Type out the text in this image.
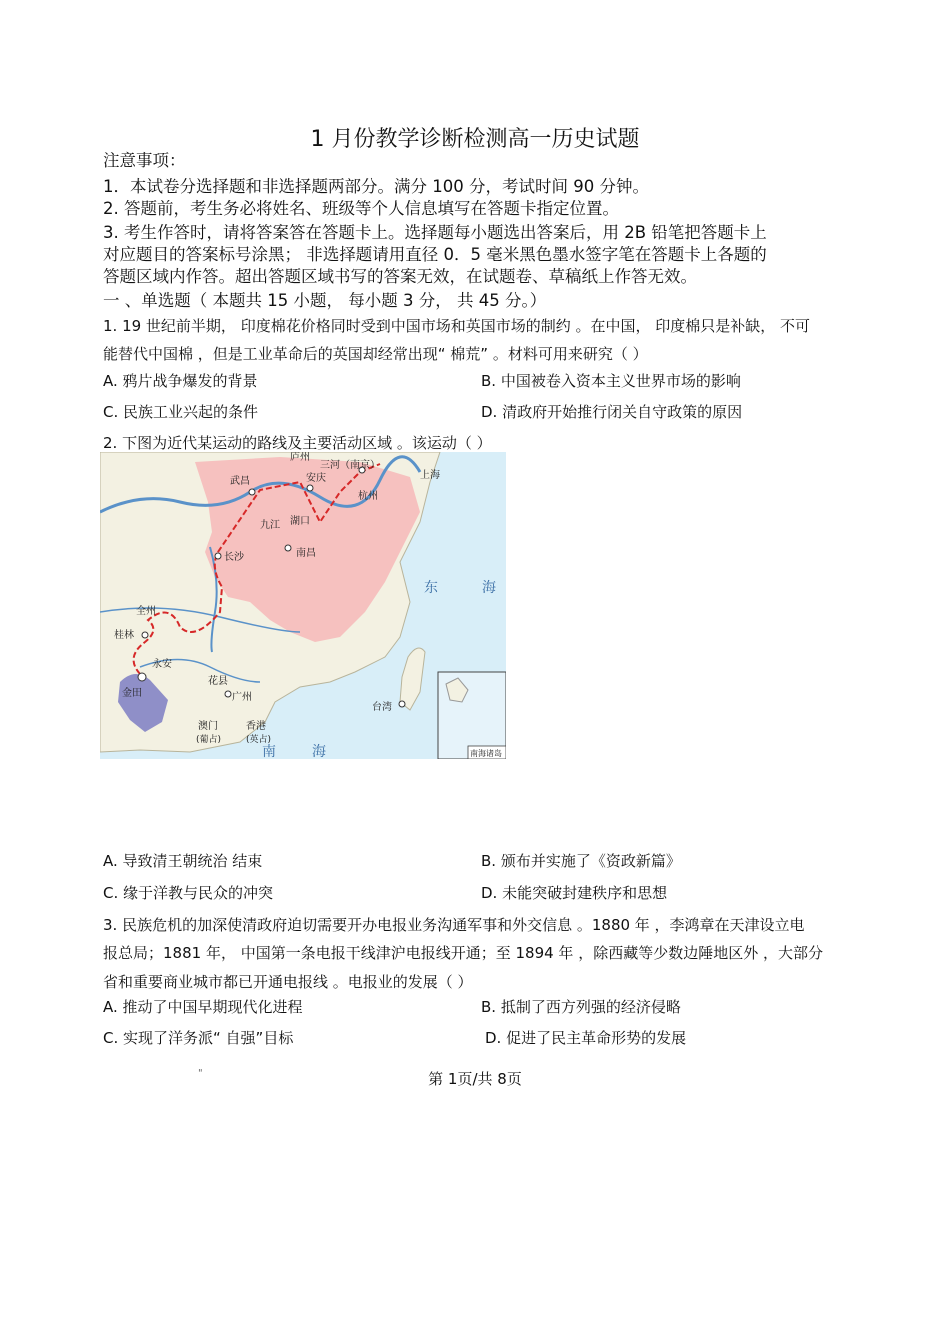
1 月份教学诊断检测高一历史试题
注意事项：
1．本试卷分选择题和非选择题两部分。满分 100 分，考试时间 90 分钟。
2. 答题前，考生务必将姓名、班级等个人信息填写在答题卡指定位置。
3. 考生作答时，请将答案答在答题卡上。选择题每小题选出答案后，用 2B 铅笔把答题卡上
对应题目的答案标号涂黑； 非选择题请用直径 0．5 毫米黑色墨水签字笔在答题卡上各题的
答题区域内作答。超出答题区域书写的答案无效，在试题卷、草稿纸上作答无效。
一 、单选题（ 本题共 15 小题， 每小题 3 分， 共 45 分。）
1. 19 世纪前半期， 印度棉花价格同时受到中国市场和英国市场的制约 。在中国， 印度棉只是补缺， 不可
能替代中国棉 ，但是工业革命后的英国却经常出现“ 棉荒” 。材料可用来研究（ ）
A. 鸦片战争爆发的背景	B. 中国被卷入资本主义世界市场的影响
C. 民族工业兴起的条件	D. 清政府开始推行闭关自守政策的原因
2. 下图为近代某运动的路线及主要活动区域 。该运动（ ）
三河（南京）
庐州
上海
武昌	安庆
杭州
九江 湖口
南昌
长沙
全州
桂林
永安
金田
花县
广州
澳门
(葡占)
香港
(英占)
台湾
东	海
南	海	南海诸岛
A. 导致清王朝统治 结束	B. 颁布并实施了《资政新篇》
C. 缘于洋教与民众的冲突	D. 未能突破封建秩序和思想
3. 民族危机的加深使清政府迫切需要开办电报业务沟通军事和外交信息 。1880 年 ，李鸿章在天津设立电
报总局；1881 年， 中国第一条电报干线津沪电报线开通；至 1894 年 ，除西藏等少数边陲地区外 ，大部分
省和重要商业城市都已开通电报线 。电报业的发展（ ）
A. 推动了中国早期现代化进程	B. 抵制了西方列强的经济侵略
C. 实现了洋务派“ 自强”目标	D. 促进了民主革命形势的发展
"	第 1页/共 8页
